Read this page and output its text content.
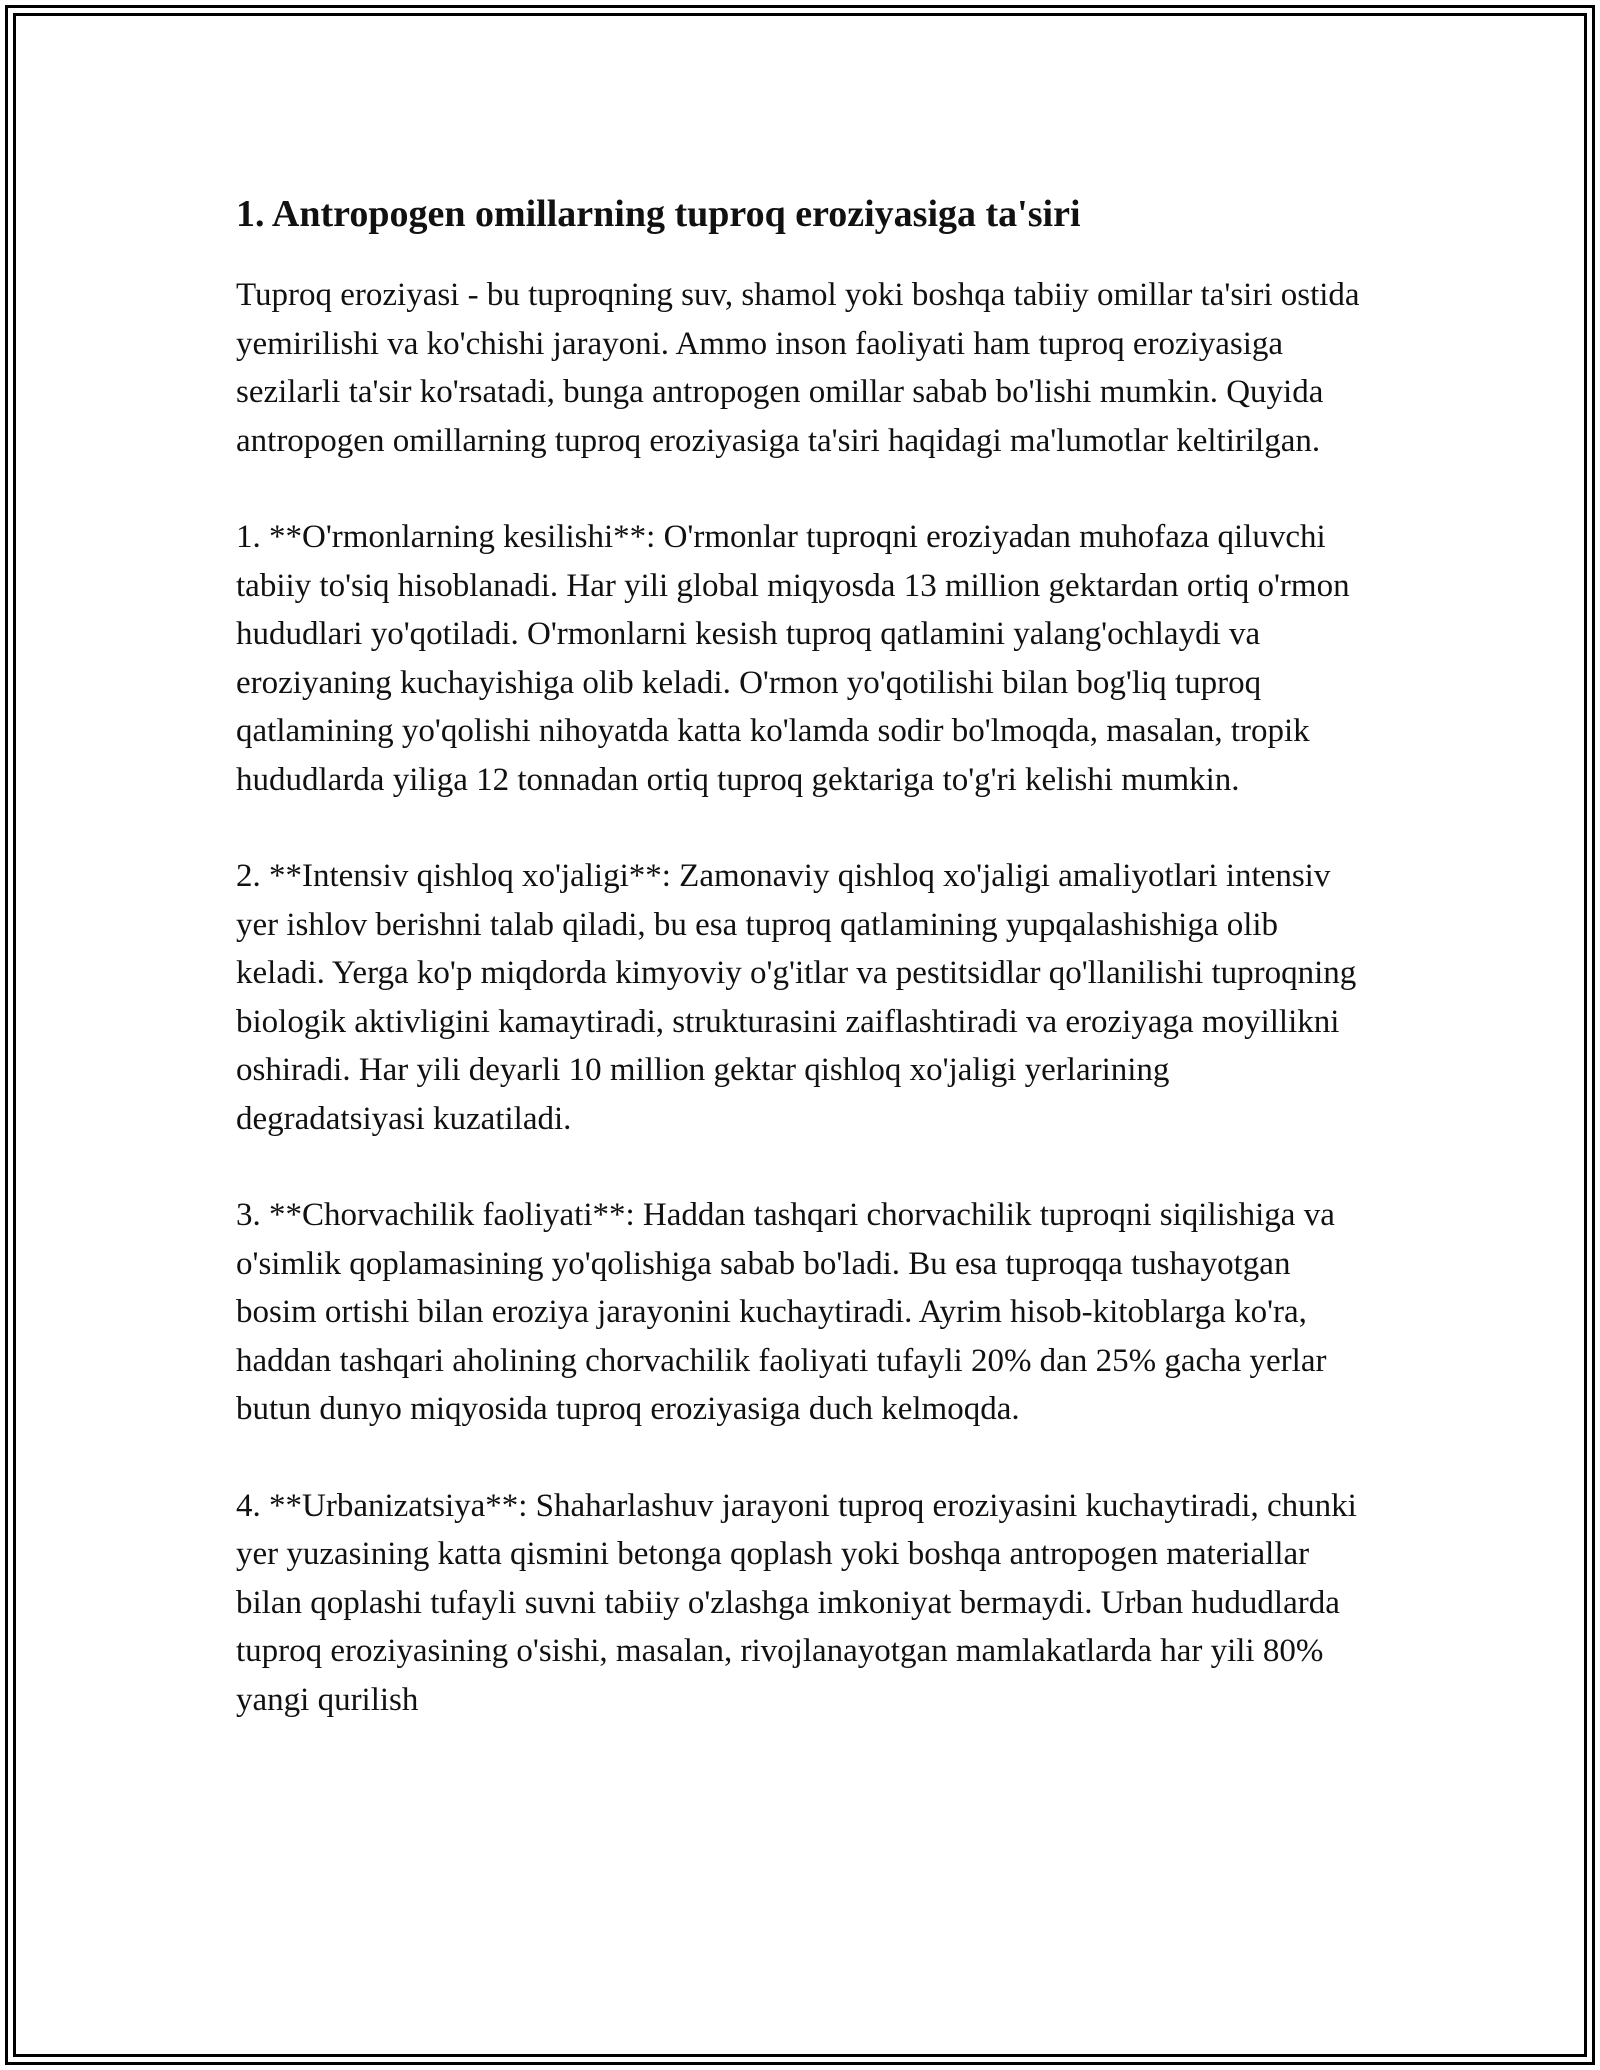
1. Antropogen omillarning tuproq eroziyasiga ta'siri

Tuproq eroziyasi - bu tuproqning suv, shamol yoki boshqa tabiiy omillar ta'siri ostida yemirilishi va ko'chishi jarayoni. Ammo inson faoliyati ham tuproq eroziyasiga sezilarli ta'sir ko'rsatadi, bunga antropogen omillar sabab bo'lishi mumkin. Quyida antropogen omillarning tuproq eroziyasiga ta'siri haqidagi ma'lumotlar keltirilgan.

1. **O'rmonlarning kesilishi**: O'rmonlar tuproqni eroziyadan muhofaza qiluvchi tabiiy to'siq hisoblanadi. Har yili global miqyosda 13 million gektardan ortiq o'rmon hududlari yo'qotiladi. O'rmonlarni kesish tuproq qatlamini yalang'ochlaydi va eroziyaning kuchayishiga olib keladi. O'rmon yo'qotilishi bilan bog'liq tuproq qatlamining yo'qolishi nihoyatda katta ko'lamda sodir bo'lmoqda, masalan, tropik hududlarda yiliga 12 tonnadan ortiq tuproq gektariga to'g'ri kelishi mumkin.

2. **Intensiv qishloq xo'jaligi**: Zamonaviy qishloq xo'jaligi amaliyotlari intensiv yer ishlov berishni talab qiladi, bu esa tuproq qatlamining yupqalashishiga olib keladi. Yerga ko'p miqdorda kimyoviy o'g'itlar va pestitsidlar qo'llanilishi tuproqning biologik aktivligini kamaytiradi, strukturasini zaiflashtiradi va eroziyaga moyillikni oshiradi. Har yili deyarli 10 million gektar qishloq xo'jaligi yerlarining degradatsiyasi kuzatiladi.

3. **Chorvachilik faoliyati**: Haddan tashqari chorvachilik tuproqni siqilishiga va o'simlik qoplamasining yo'qolishiga sabab bo'ladi. Bu esa tuproqqa tushayotgan bosim ortishi bilan eroziya jarayonini kuchaytiradi. Ayrim hisob-kitoblarga ko'ra, haddan tashqari aholining chorvachilik faoliyati tufayli 20% dan 25% gacha yerlar butun dunyo miqyosida tuproq eroziyasiga duch kelmoqda.

4. **Urbanizatsiya**: Shaharlashuv jarayoni tuproq eroziyasini kuchaytiradi, chunki yer yuzasining katta qismini betonga qoplash yoki boshqa antropogen materiallar bilan qoplashi tufayli suvni tabiiy o'zlashga imkoniyat bermaydi. Urban hududlarda tuproq eroziyasining o'sishi, masalan, rivojlanayotgan mamlakatlarda har yili 80% yangi qurilish
